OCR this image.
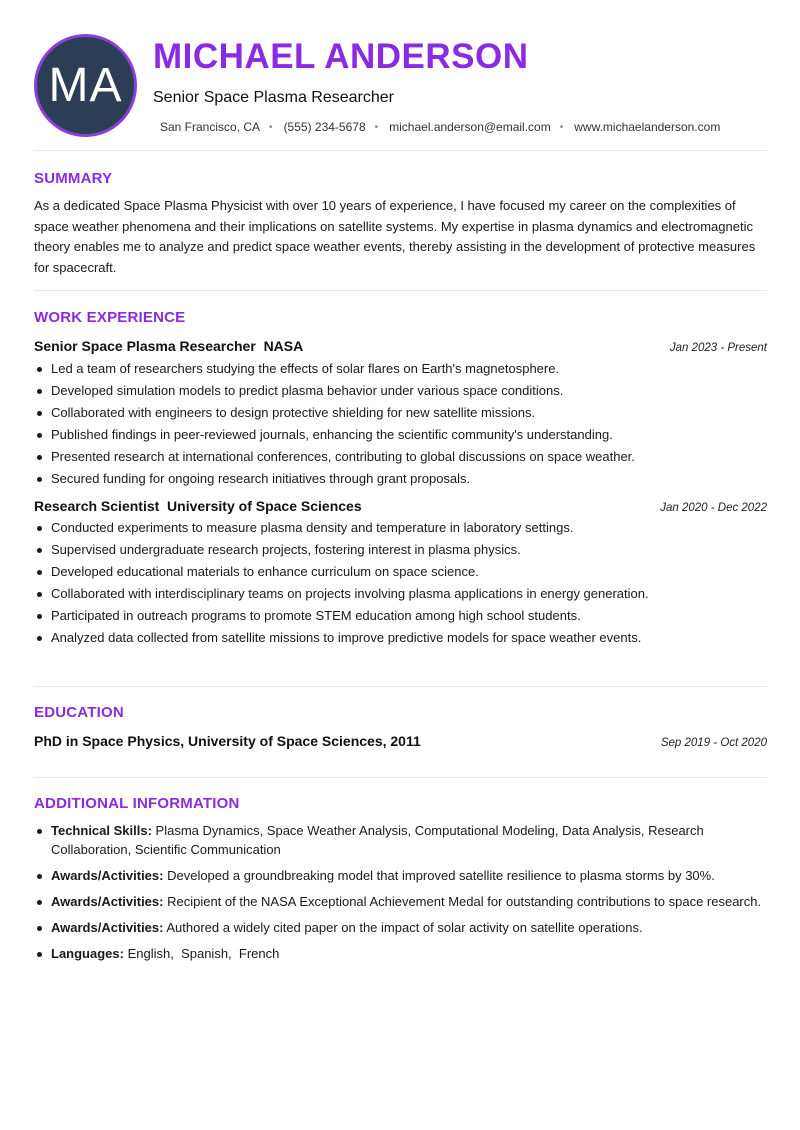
MA
MICHAEL ANDERSON
Senior Space Plasma Researcher
San Francisco, CA • (555) 234-5678 • michael.anderson@email.com • www.michaelanderson.com
SUMMARY
As a dedicated Space Plasma Physicist with over 10 years of experience, I have focused my career on the complexities of space weather phenomena and their implications on satellite systems. My expertise in plasma dynamics and electromagnetic theory enables me to analyze and predict space weather events, thereby assisting in the development of protective measures for spacecraft.
WORK EXPERIENCE
Senior Space Plasma Researcher  NASA	Jan 2023 - Present
Led a team of researchers studying the effects of solar flares on Earth's magnetosphere.
Developed simulation models to predict plasma behavior under various space conditions.
Collaborated with engineers to design protective shielding for new satellite missions.
Published findings in peer-reviewed journals, enhancing the scientific community's understanding.
Presented research at international conferences, contributing to global discussions on space weather.
Secured funding for ongoing research initiatives through grant proposals.
Research Scientist  University of Space Sciences	Jan 2020 - Dec 2022
Conducted experiments to measure plasma density and temperature in laboratory settings.
Supervised undergraduate research projects, fostering interest in plasma physics.
Developed educational materials to enhance curriculum on space science.
Collaborated with interdisciplinary teams on projects involving plasma applications in energy generation.
Participated in outreach programs to promote STEM education among high school students.
Analyzed data collected from satellite missions to improve predictive models for space weather events.
EDUCATION
PhD in Space Physics, University of Space Sciences, 2011	Sep 2019 - Oct 2020
ADDITIONAL INFORMATION
Technical Skills: Plasma Dynamics, Space Weather Analysis, Computational Modeling, Data Analysis, Research Collaboration, Scientific Communication
Awards/Activities: Developed a groundbreaking model that improved satellite resilience to plasma storms by 30%.
Awards/Activities: Recipient of the NASA Exceptional Achievement Medal for outstanding contributions to space research.
Awards/Activities: Authored a widely cited paper on the impact of solar activity on satellite operations.
Languages: English,  Spanish,  French
